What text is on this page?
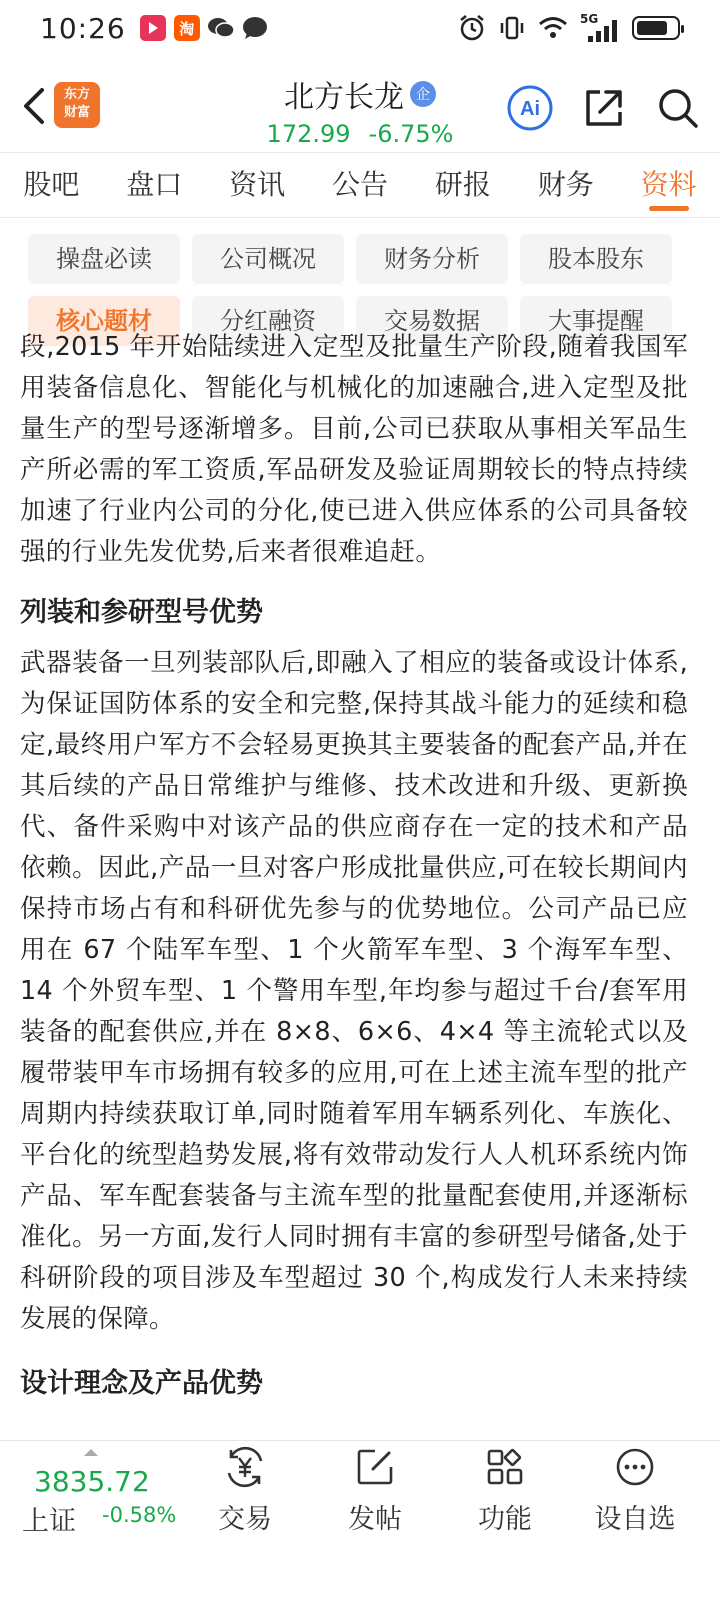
10:26	淘
5G
东方
财富	北方长龙 企
172.99 -6.75%
Ai
股吧	盘口	资讯	公告	研报	财务	资料
操盘必读	公司概况	财务分析	股本股东
核心题材	分红融资	交易数据	大事提醒

段,2015 年开始陆续进入定型及批量生产阶段,随着我国军用装备信息化、智能化与机械化的加速融合,进入定型及批量生产的型号逐渐增多。目前,公司已获取从事相关军品生产所必需的军工资质,军品研发及验证周期较长的特点持续加速了行业内公司的分化,使已进入供应体系的公司具备较强的行业先发优势,后来者很难追赶。

列装和参研型号优势

武器装备一旦列装部队后,即融入了相应的装备或设计体系,为保证国防体系的安全和完整,保持其战斗能力的延续和稳定,最终用户军方不会轻易更换其主要装备的配套产品,并在其后续的产品日常维护与维修、技术改进和升级、更新换代、备件采购中对该产品的供应商存在一定的技术和产品依赖。因此,产品一旦对客户形成批量供应,可在较长期间内保持市场占有和科研优先参与的优势地位。公司产品已应用在 67 个陆军车型、1 个火箭军车型、3 个海军车型、14 个外贸车型、1 个警用车型,年均参与超过千台/套军用装备的配套供应,并在 8×8、6×6、4×4 等主流轮式以及履带装甲车市场拥有较多的应用,可在上述主流车型的批产周期内持续获取订单,同时随着军用车辆系列化、车族化、平台化的统型趋势发展,将有效带动发行人人机环系统内饰产品、军车配套装备与主流车型的批量配套使用,并逐渐标准化。另一方面,发行人同时拥有丰富的参研型号储备,处于科研阶段的项目涉及车型超过 30 个,构成发行人未来持续发展的保障。

设计理念及产品优势
3835.72
上证 -0.58%	交易	发帖	功能	设自选
